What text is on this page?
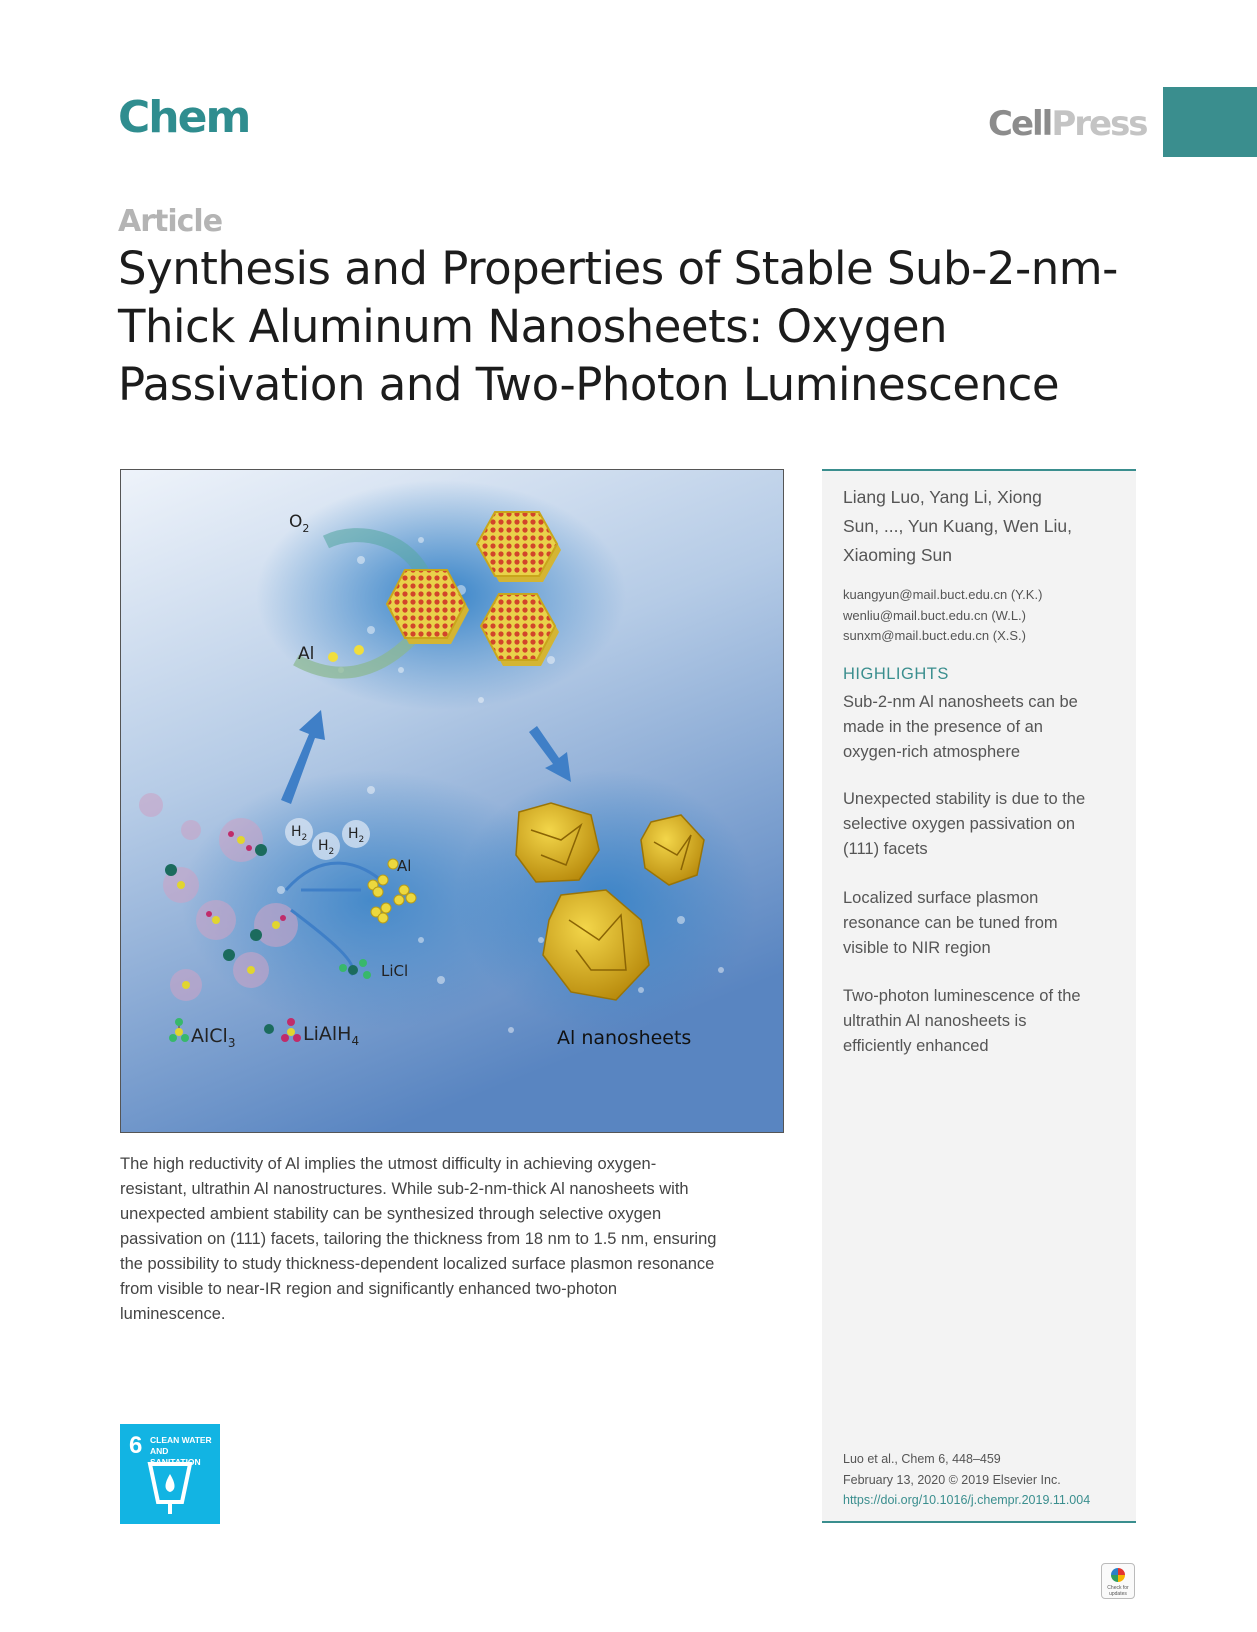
Chem	CellPress
Article
Synthesis and Properties of Stable Sub-2-nm-
Thick Aluminum Nanosheets: Oxygen
Passivation and Two-Photon Luminescence
$O_2$
Al
$H_2$ $H_2$
$H_2$
Al
LiCl
AlCl$_3$	LiAlH$_4$	Al nanosheets
The high reductivity of Al implies the utmost difficulty in achieving oxygen-
resistant, ultrathin Al nanostructures. While sub-2-nm-thick Al nanosheets with
unexpected ambient stability can be synthesized through selective oxygen
passivation on (111) facets, tailoring the thickness from 18 nm to 1.5 nm, ensuring
the possibility to study thickness-dependent localized surface plasmon resonance
from visible to near-IR region and significantly enhanced two-photon
luminescence.
6 CLEAN WATER
AND SANITATION
Liang Luo, Yang Li, Xiong
Sun, ..., Yun Kuang, Wen Liu,
Xiaoming Sun
kuangyun@mail.buct.edu.cn (Y.K.)
wenliu@mail.buct.edu.cn (W.L.)
sunxm@mail.buct.edu.cn (X.S.)
HIGHLIGHTS
Sub-2-nm Al nanosheets can be
made in the presence of an
oxygen-rich atmosphere
Unexpected stability is due to the
selective oxygen passivation on
(111) facets
Localized surface plasmon
resonance can be tuned from
visible to NIR region
Two-photon luminescence of the
ultrathin Al nanosheets is
efficiently enhanced
Luo et al., Chem 6, 448–459
February 13, 2020 © 2019 Elsevier Inc.
https://doi.org/10.1016/j.chempr.2019.11.004
Check for updates
